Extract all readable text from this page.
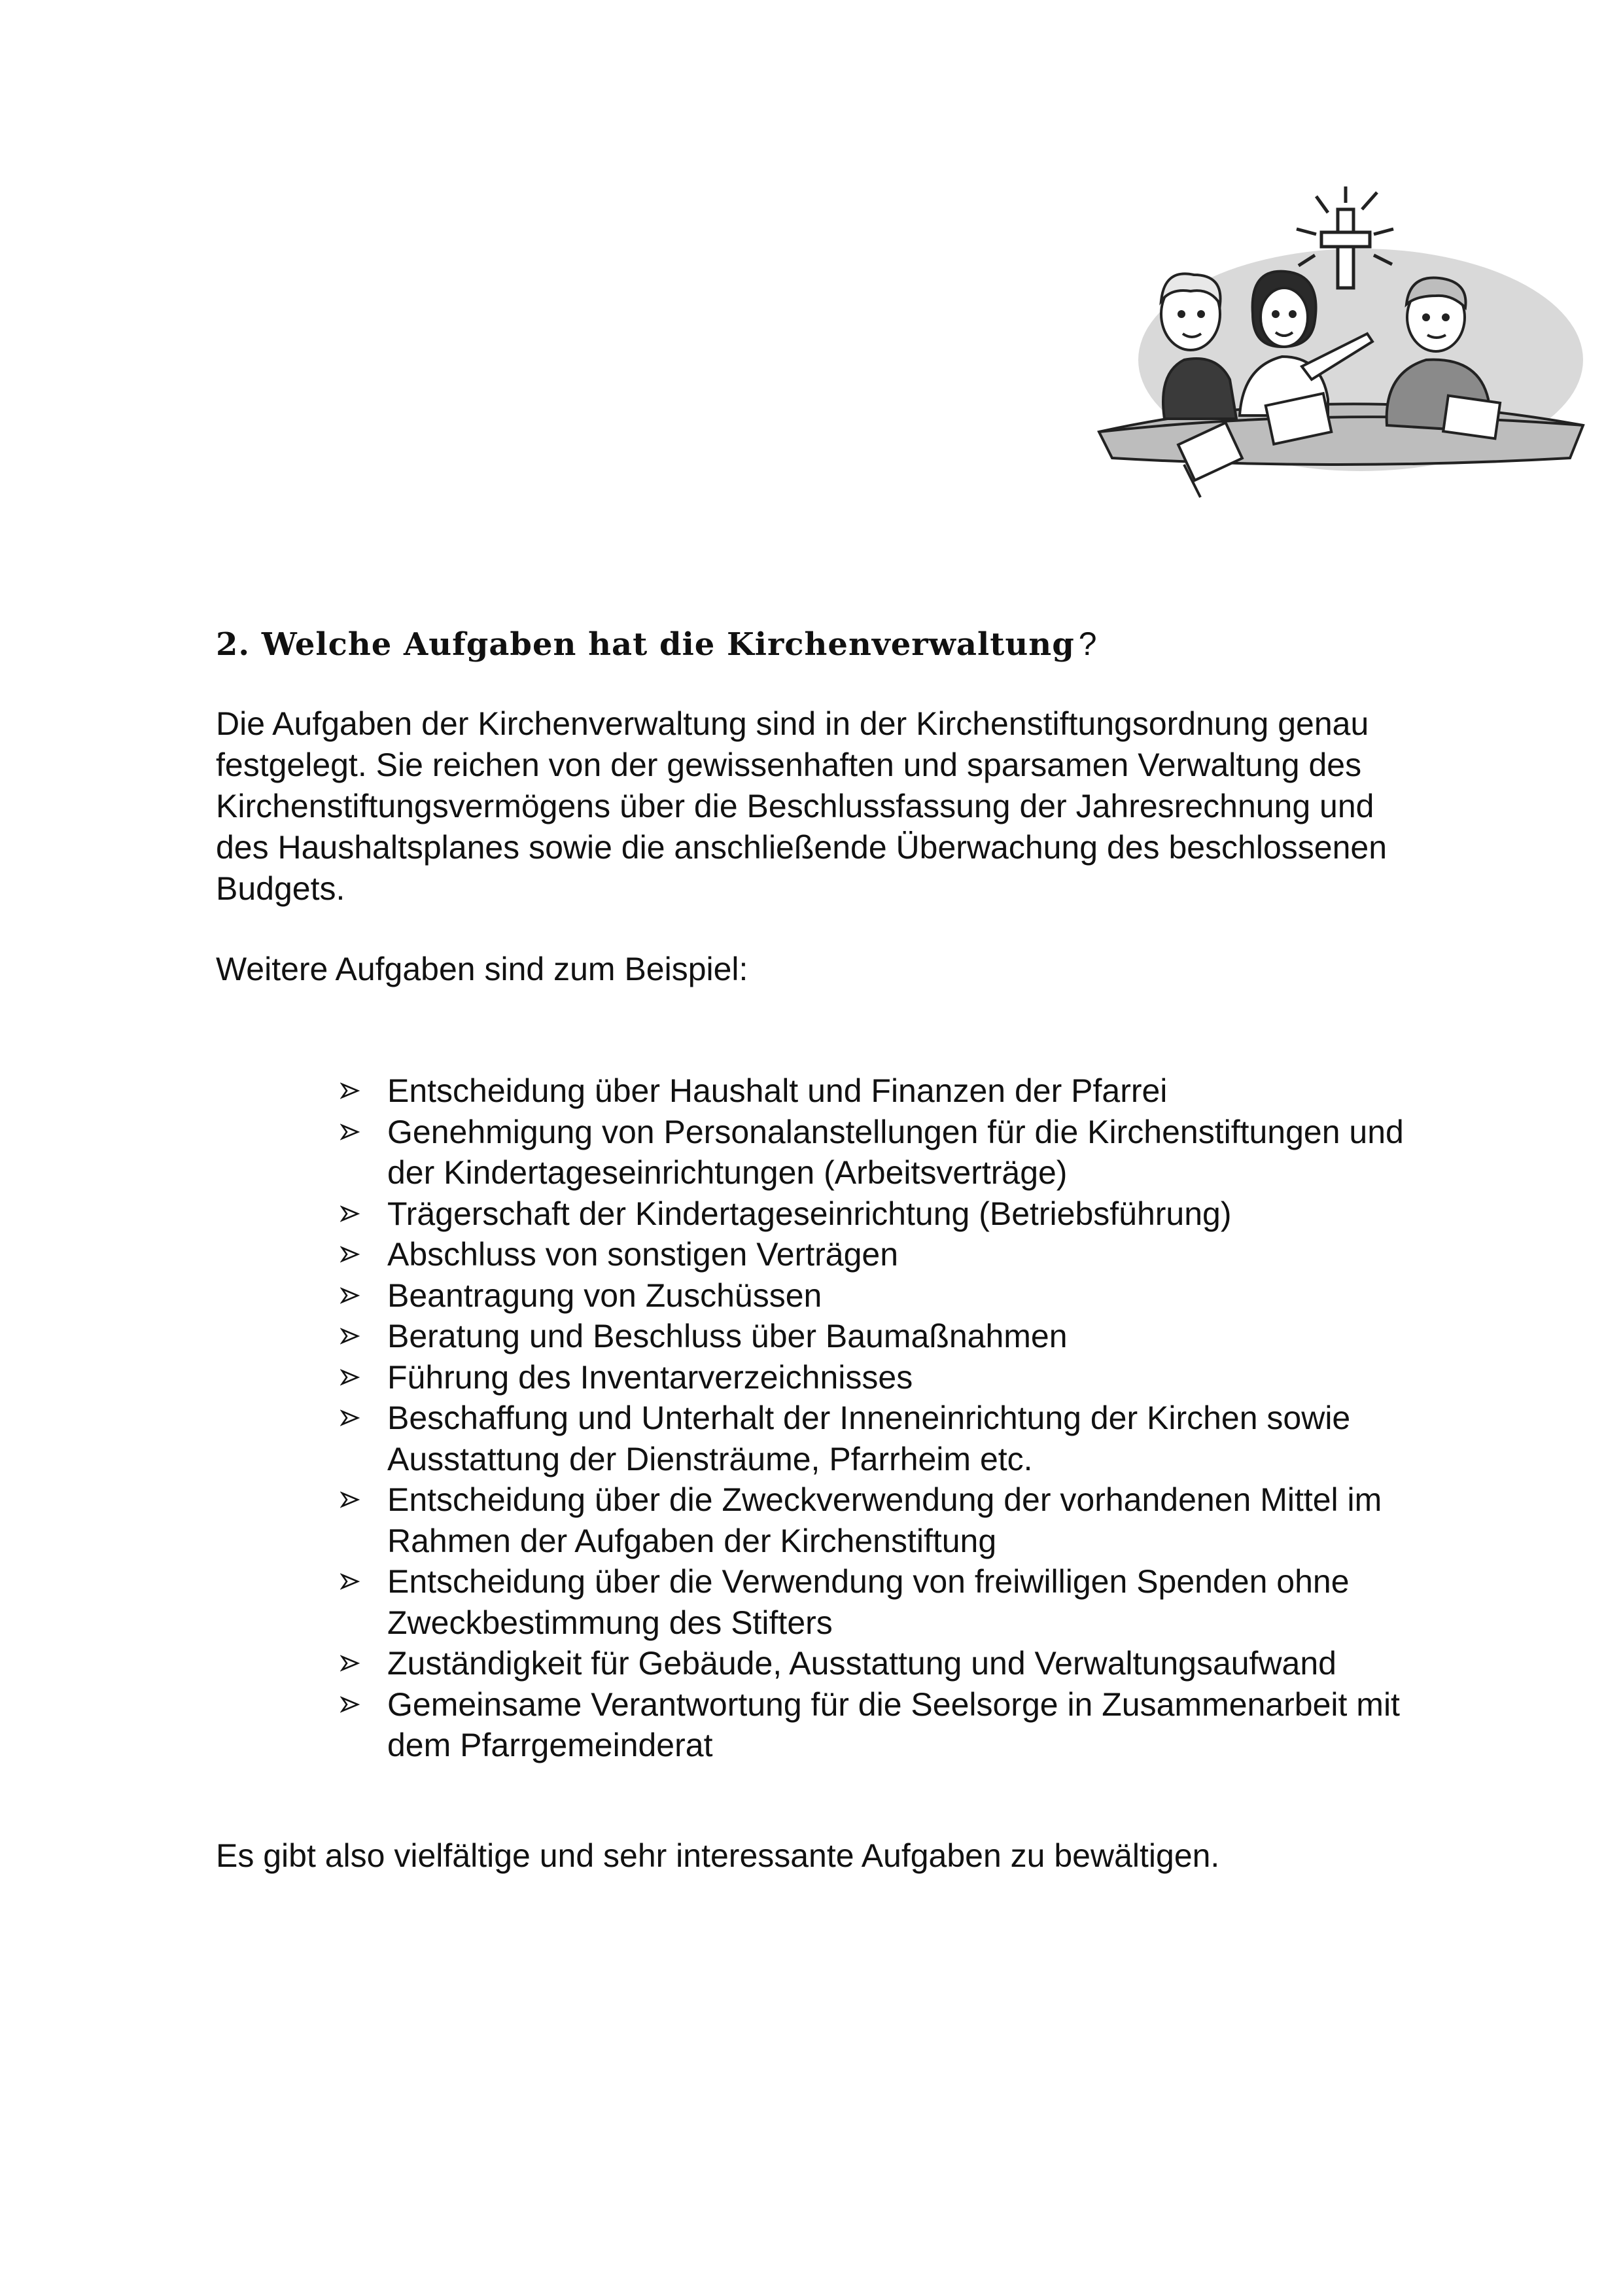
2. Welche Aufgaben hat die Kirchenverwaltung ?

Die Aufgaben der Kirchenverwaltung sind in der Kirchenstiftungsordnung genau
festgelegt. Sie reichen von der gewissenhaften und sparsamen Verwaltung des
Kirchenstiftungsvermögens über die Beschlussfassung der Jahresrechnung und
des Haushaltsplanes sowie die anschließende Überwachung des beschlossenen
Budgets.

Weitere Aufgaben sind zum Beispiel:

Entscheidung über Haushalt und Finanzen der Pfarrei
Genehmigung von Personalanstellungen für die Kirchenstiftungen und
der Kindertageseinrichtungen (Arbeitsverträge)
Trägerschaft der Kindertageseinrichtung (Betriebsführung)
Abschluss von sonstigen Verträgen
Beantragung von Zuschüssen
Beratung und Beschluss über Baumaßnahmen
Führung des Inventarverzeichnisses
Beschaffung und Unterhalt der Inneneinrichtung der Kirchen sowie
Ausstattung der Diensträume, Pfarrheim etc.
Entscheidung über die Zweckverwendung der vorhandenen Mittel im
Rahmen der Aufgaben der Kirchenstiftung
Entscheidung über die Verwendung von freiwilligen Spenden ohne
Zweckbestimmung des Stifters
Zuständigkeit für Gebäude, Ausstattung und Verwaltungsaufwand
Gemeinsame Verantwortung für die Seelsorge in Zusammenarbeit mit
dem Pfarrgemeinderat

Es gibt also vielfältige und sehr interessante Aufgaben zu bewältigen.
